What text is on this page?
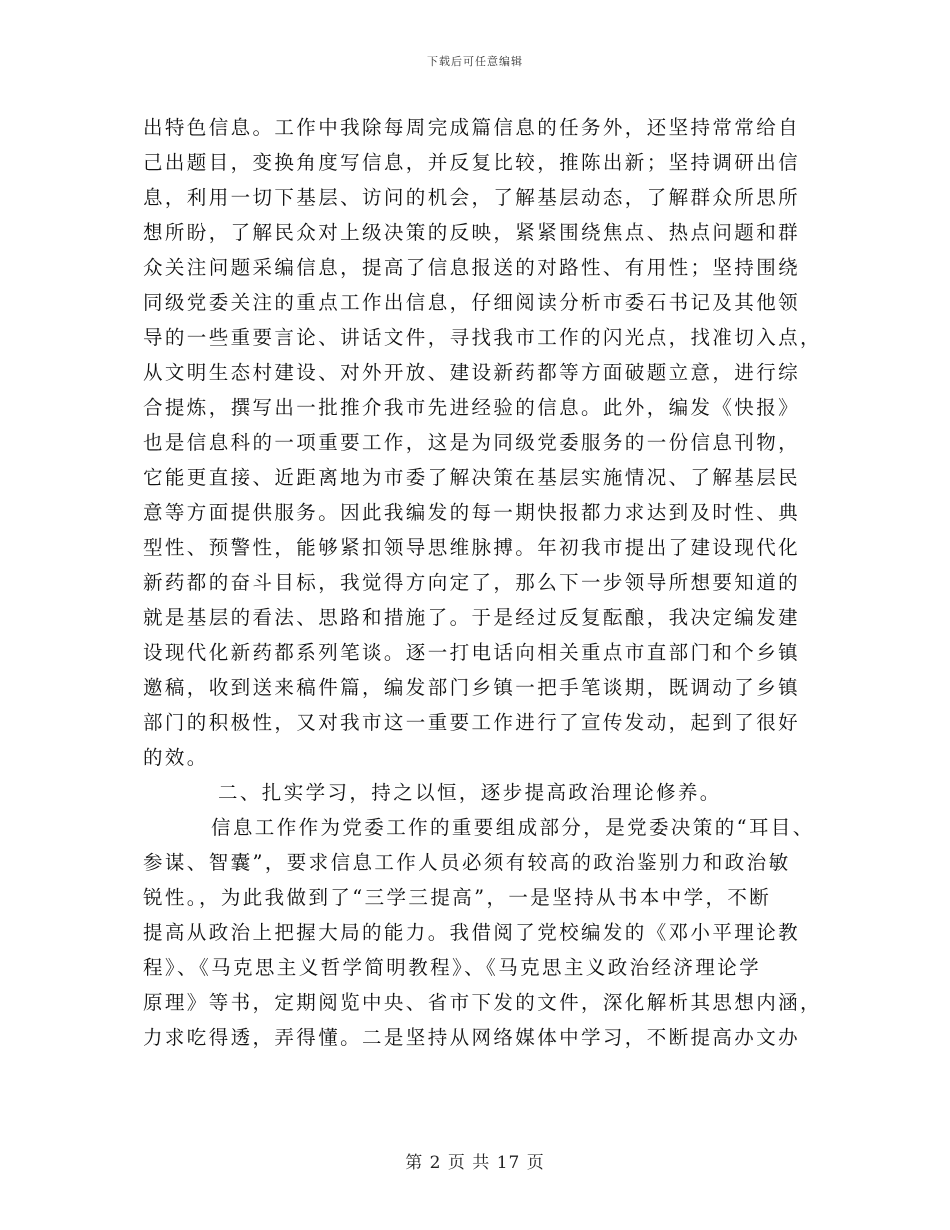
下载后可任意编辑
出特色信息。工作中我除每周完成篇信息的任务外，还坚持常常给自
己出题目，变换角度写信息，并反复比较，推陈出新；坚持调研出信
息，利用一切下基层、访问的机会，了解基层动态，了解群众所思所
想所盼，了解民众对上级决策的反映，紧紧围绕焦点、热点问题和群
众关注问题采编信息，提高了信息报送的对路性、有用性；坚持围绕
同级党委关注的重点工作出信息，仔细阅读分析市委石书记及其他领
导的一些重要言论、讲话文件，寻找我市工作的闪光点，找准切入点，
从文明生态村建设、对外开放、建设新药都等方面破题立意，进行综
合提炼，撰写出一批推介我市先进经验的信息。此外，编发《快报》
也是信息科的一项重要工作，这是为同级党委服务的一份信息刊物，
它能更直接、近距离地为市委了解决策在基层实施情况、了解基层民
意等方面提供服务。因此我编发的每一期快报都力求达到及时性、典
型性、预警性，能够紧扣领导思维脉搏。年初我市提出了建设现代化
新药都的奋斗目标，我觉得方向定了，那么下一步领导所想要知道的
就是基层的看法、思路和措施了。于是经过反复酝酿，我决定编发建
设现代化新药都系列笔谈。逐一打电话向相关重点市直部门和个乡镇
邀稿，收到送来稿件篇，编发部门乡镇一把手笔谈期，既调动了乡镇
部门的积极性，又对我市这一重要工作进行了宣传发动，起到了很好
的效。
二、扎实学习，持之以恒，逐步提高政治理论修养。
信息工作作为党委工作的重要组成部分，是党委决策的“耳目、
参谋、智囊”，要求信息工作人员必须有较高的政治鉴别力和政治敏
锐性。，为此我做到了“三学三提高”，一是坚持从书本中学，不断
提高从政治上把握大局的能力。我借阅了党校编发的《邓小平理论教
程》、《马克思主义哲学简明教程》、《马克思主义政治经济理论学
原理》等书，定期阅览中央、省市下发的文件，深化解析其思想内涵，
力求吃得透，弄得懂。二是坚持从网络媒体中学习，不断提高办文办
第 2 页 共 17 页
